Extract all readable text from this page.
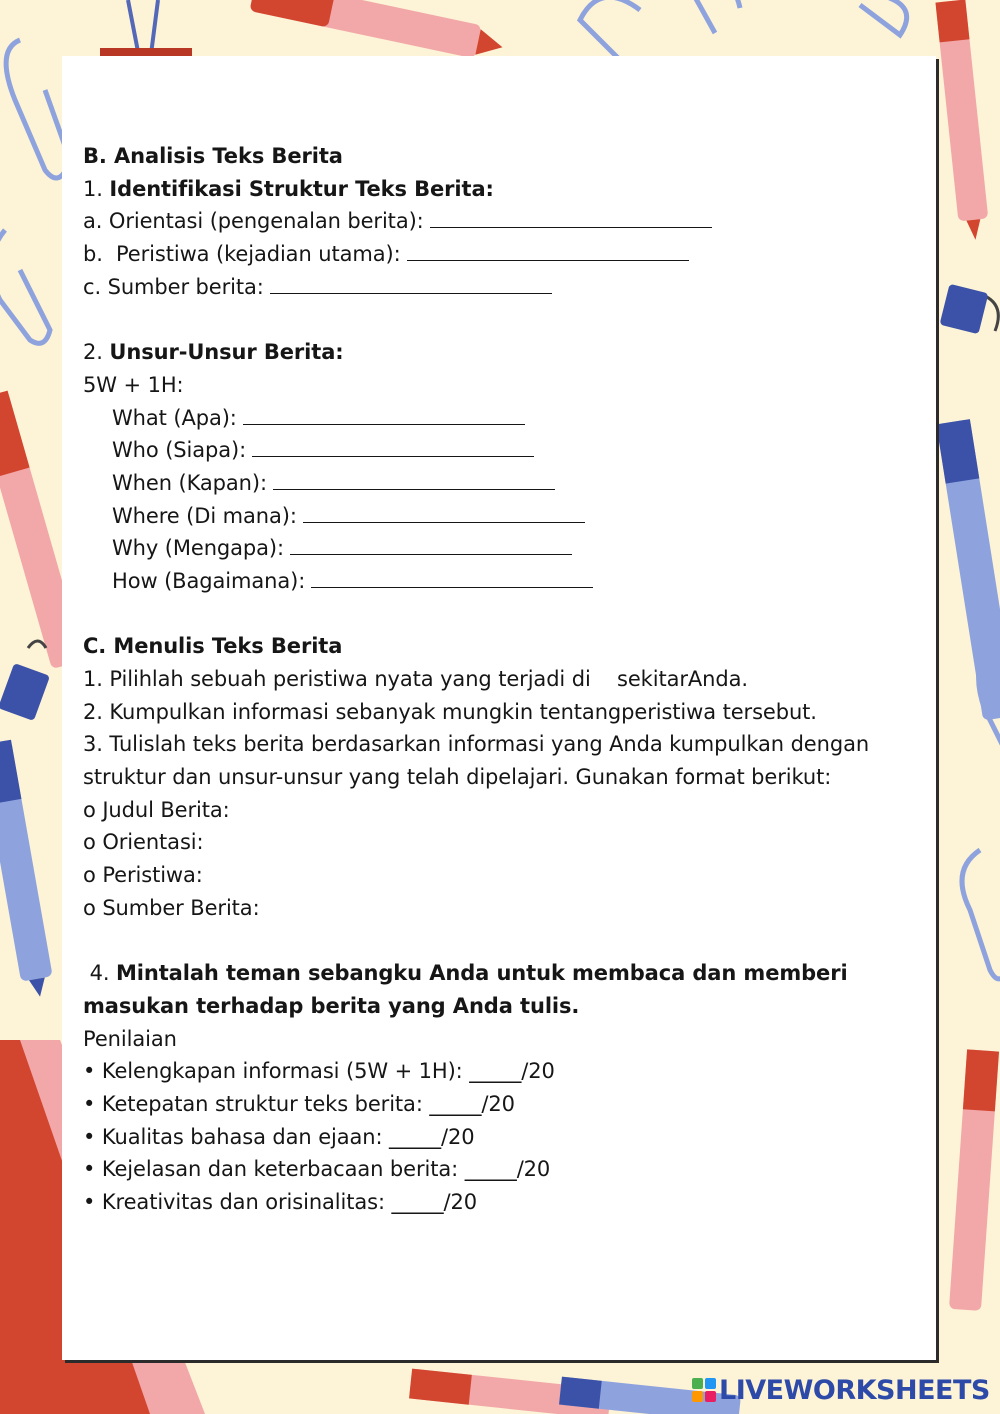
B. Analisis Teks Berita
1. Identifikasi Struktur Teks Berita:
a. Orientasi (pengenalan berita):
b.  Peristiwa (kejadian utama):
c. Sumber berita:
2. Unsur-Unsur Berita:
5W + 1H:
What (Apa):
Who (Siapa):
When (Kapan):
Where (Di mana):
Why (Mengapa):
How (Bagaimana):
C. Menulis Teks Berita
1. Pilihlah sebuah peristiwa nyata yang terjadi di    sekitarAnda.
2. Kumpulkan informasi sebanyak mungkin tentangperistiwa tersebut.
3. Tulislah teks berita berdasarkan informasi yang Anda kumpulkan dengan struktur dan unsur-unsur yang telah dipelajari. Gunakan format berikut:
o Judul Berita:
o Orientasi:
o Peristiwa:
o Sumber Berita:
4. Mintalah teman sebangku Anda untuk membaca dan memberi masukan terhadap berita yang Anda tulis.
Penilaian
• Kelengkapan informasi (5W + 1H): _____/20
• Ketepatan struktur teks berita: _____/20
• Kualitas bahasa dan ejaan: _____/20
• Kejelasan dan keterbacaan berita: _____/20
• Kreativitas dan orisinalitas: _____/20
LIVEWORKSHEETS
